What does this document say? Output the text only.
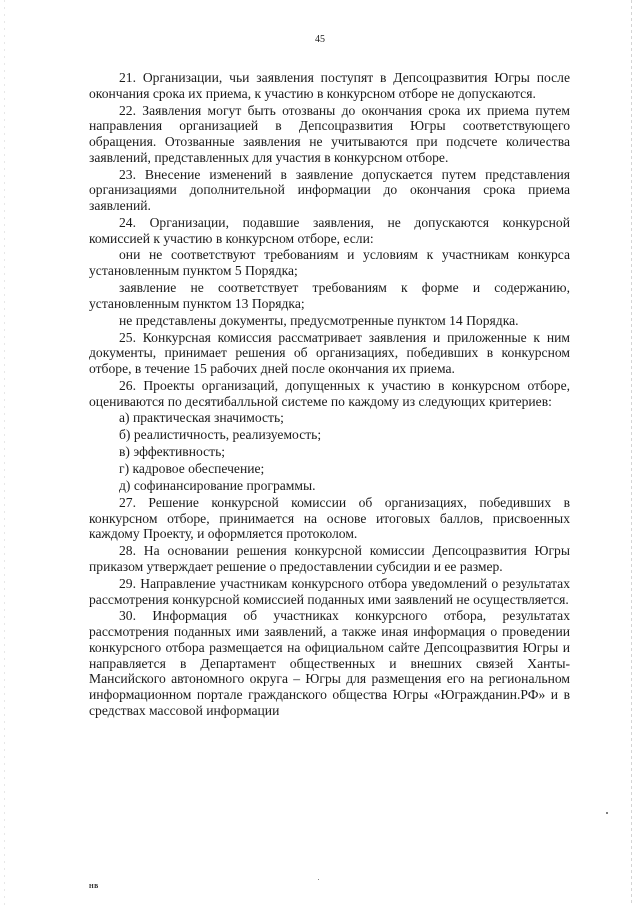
45

21. Организации, чьи заявления поступят в Депсоцразвития Югры после окончания срока их приема, к участию в конкурсном отборе не допускаются.

22. Заявления могут быть отозваны до окончания срока их приема путем направления организацией в Депсоцразвития Югры соответствующего обращения. Отозванные заявления не учитываются при подсчете количества заявлений, представленных для участия в конкурсном отборе.

23. Внесение изменений в заявление допускается путем представления организациями дополнительной информации до окончания срока приема заявлений.

24. Организации, подавшие заявления, не допускаются конкурсной комиссией к участию в конкурсном отборе, если:

они не соответствуют требованиям и условиям к участникам конкурса установленным пунктом 5 Порядка;

заявление не соответствует требованиям к форме и содержанию, установленным пунктом 13 Порядка;

не представлены документы, предусмотренные пунктом 14 Порядка.

25. Конкурсная комиссия рассматривает заявления и приложенные к ним документы, принимает решения об организациях, победивших в конкурсном отборе, в течение 15 рабочих дней после окончания их приема.

26. Проекты организаций, допущенных к участию в конкурсном отборе, оцениваются по десятибалльной системе по каждому из следующих критериев:

а) практическая значимость;

б) реалистичность, реализуемость;

в) эффективность;

г) кадровое обеспечение;

д) софинансирование программы.

27. Решение конкурсной комиссии об организациях, победивших в конкурсном отборе, принимается на основе итоговых баллов, присвоенных каждому Проекту, и оформляется протоколом.

28. На основании решения конкурсной комиссии Депсоцразвития Югры приказом утверждает решение о предоставлении субсидии и ее размер.

29. Направление участникам конкурсного отбора уведомлений о результатах рассмотрения конкурсной комиссией поданных ими заявлений не осуществляется.

30. Информация об участниках конкурсного отбора, результатах рассмотрения поданных ими заявлений, а также иная информация о проведении конкурсного отбора размещается на официальном сайте Депсоцразвития Югры и направляется в Департамент общественных и внешних связей Ханты-Мансийского автономного округа – Югры для размещения его на региональном информационном портале гражданского общества Югры «Югражданин.РФ» и в средствах массовой информации

НВ
